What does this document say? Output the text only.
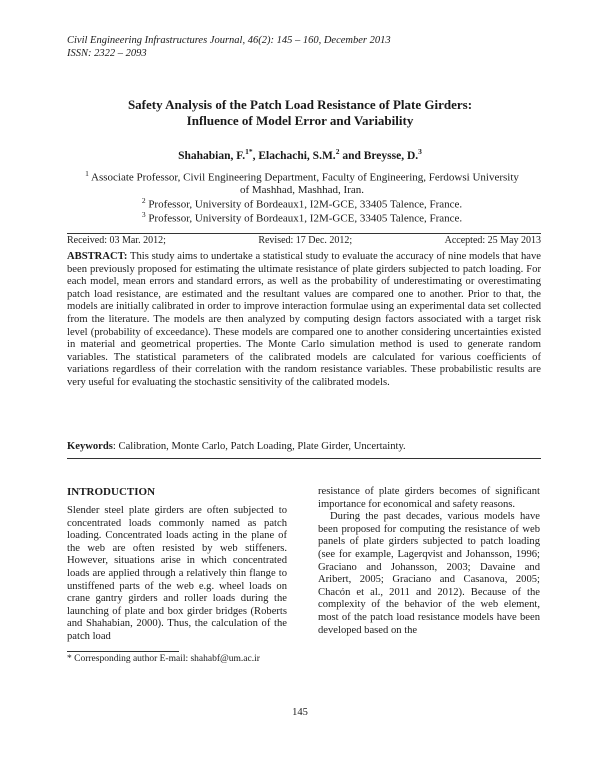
Civil Engineering Infrastructures Journal, 46(2): 145 – 160, December 2013
ISSN: 2322 – 2093
Safety Analysis of the Patch Load Resistance of Plate Girders:
Influence of Model Error and Variability
Shahabian, F.$^{1*}$, Elachachi, S.M.$^2$ and Breysse, D.$^3$
$^1$ Associate Professor, Civil Engineering Department, Faculty of Engineering, Ferdowsi University of Mashhad, Mashhad, Iran.
$^2$ Professor, University of Bordeaux1, I2M-GCE, 33405 Talence, France.
$^3$ Professor, University of Bordeaux1, I2M-GCE, 33405 Talence, France.
Received: 03 Mar. 2012;	Revised: 17 Dec. 2012;	Accepted: 25 May 2013
ABSTRACT: This study aims to undertake a statistical study to evaluate the accuracy of nine models that have been previously proposed for estimating the ultimate resistance of plate girders subjected to patch loading. For each model, mean errors and standard errors, as well as the probability of underestimating or overestimating patch load resistance, are estimated and the resultant values are compared one to another. Prior to that, the models are initially calibrated in order to improve interaction formulae using an experimental data set collected from the literature. The models are then analyzed by computing design factors associated with a target risk level (probability of exceedance). These models are compared one to another considering uncertainties existed in material and geometrical properties. The Monte Carlo simulation method is used to generate random variables. The statistical parameters of the calibrated models are calculated for various coefficients of variations regardless of their correlation with the random resistance variables. These probabilistic results are very useful for evaluating the stochastic sensitivity of the calibrated models.
Keywords: Calibration, Monte Carlo, Patch Loading, Plate Girder, Uncertainty.
INTRODUCTION

Slender steel plate girders are often subjected to concentrated loads commonly named as patch loading. Concentrated loads acting in the plane of the web are often resisted by web stiffeners. However, situations arise in which concentrated loads are applied through a relatively thin flange to unstiffened parts of the web e.g. wheel loads on crane gantry girders and roller loads during the launching of plate and box girder bridges (Roberts and Shahabian, 2000). Thus, the calculation of the patch load

resistance of plate girders becomes of significant importance for economical and safety reasons.

During the past decades, various models have been proposed for computing the resistance of web panels of plate girders subjected to patch loading (see for example, Lagerqvist and Johansson, 1996; Graciano and Johansson, 2003; Davaine and Aribert, 2005; Graciano and Casanova, 2005; Chacón et al., 2011 and 2012). Because of the complexity of the behavior of the web element, most of the patch load resistance models have been developed based on the

* Corresponding author E-mail: shahabf@um.ac.ir
145
